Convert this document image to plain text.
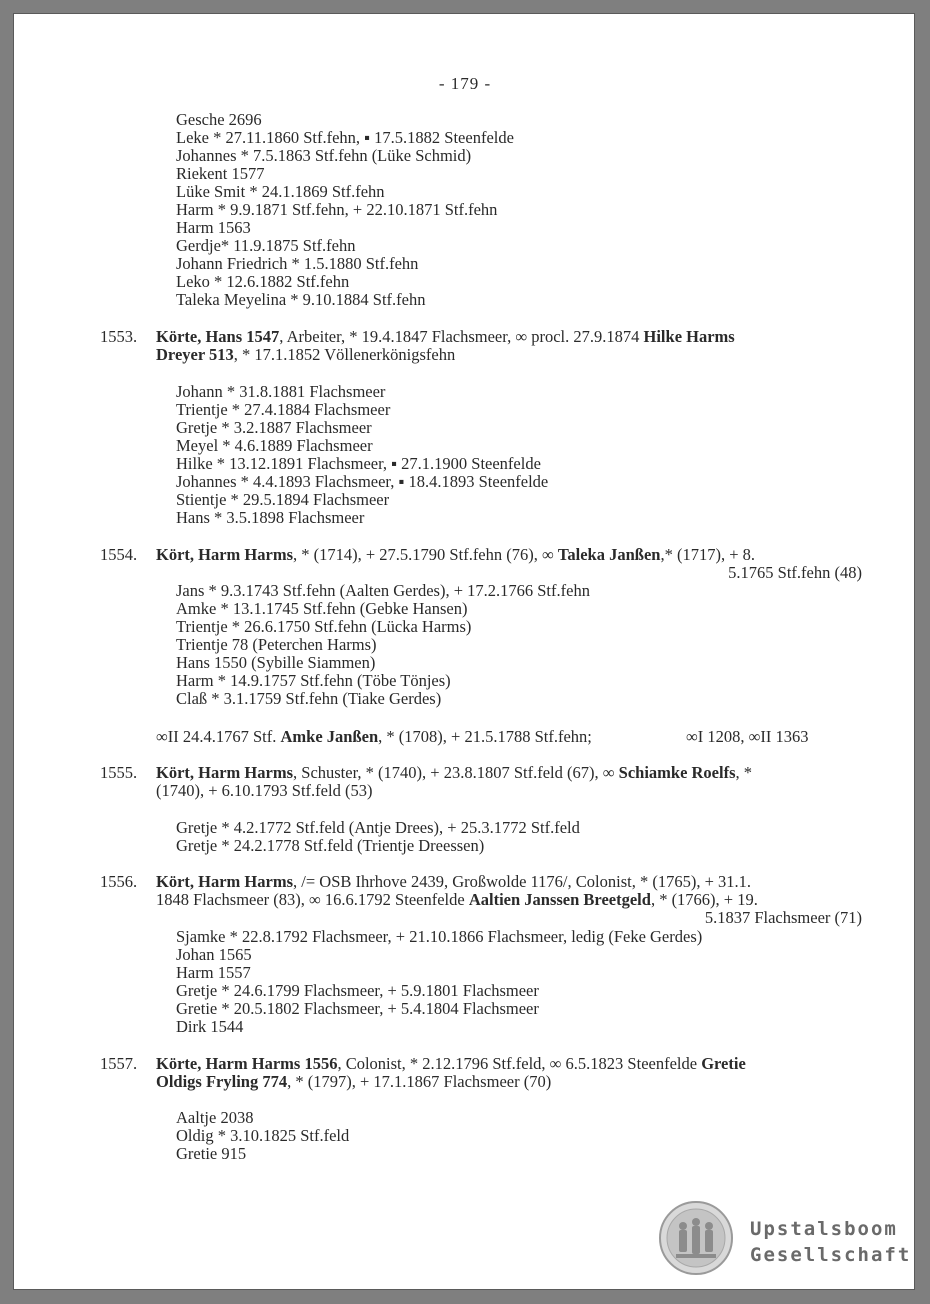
- 179 -
Gesche 2696
Leke * 27.11.1860 Stf.fehn, ▪ 17.5.1882 Steenfelde
Johannes * 7.5.1863 Stf.fehn (Lüke Schmid)
Riekent 1577
Lüke Smit * 24.1.1869 Stf.fehn
Harm * 9.9.1871 Stf.fehn, + 22.10.1871 Stf.fehn
Harm 1563
Gerdje* 11.9.1875 Stf.fehn
Johann Friedrich * 1.5.1880 Stf.fehn
Leko * 12.6.1882 Stf.fehn
Taleka Meyelina * 9.10.1884 Stf.fehn
1553. Körte, Hans 1547, Arbeiter, * 19.4.1847 Flachsmeer, ∞ procl. 27.9.1874 Hilke Harms
Dreyer 513, * 17.1.1852 Völlenerkönigsfehn
Johann * 31.8.1881 Flachsmeer
Trientje * 27.4.1884 Flachsmeer
Gretje * 3.2.1887 Flachsmeer
Meyel * 4.6.1889 Flachsmeer
Hilke * 13.12.1891 Flachsmeer, ▪ 27.1.1900 Steenfelde
Johannes * 4.4.1893 Flachsmeer, ▪ 18.4.1893 Steenfelde
Stientje * 29.5.1894 Flachsmeer
Hans * 3.5.1898 Flachsmeer
1554. Kört, Harm Harms, * (1714), + 27.5.1790 Stf.fehn (76), ∞ Taleka Janßen,* (1717), + 8.
5.1765 Stf.fehn (48)
Jans * 9.3.1743 Stf.fehn (Aalten Gerdes), + 17.2.1766 Stf.fehn
Amke * 13.1.1745 Stf.fehn (Gebke Hansen)
Trientje * 26.6.1750 Stf.fehn (Lücka Harms)
Trientje 78 (Peterchen Harms)
Hans 1550 (Sybille Siammen)
Harm * 14.9.1757 Stf.fehn (Töbe Tönjes)
Claß * 3.1.1759 Stf.fehn (Tiake Gerdes)
∞II 24.4.1767 Stf. Amke Janßen, * (1708), + 21.5.1788 Stf.fehn;	∞I 1208, ∞II 1363
1555. Kört, Harm Harms, Schuster, * (1740), + 23.8.1807 Stf.feld (67), ∞ Schiamke Roelfs, *
(1740), + 6.10.1793 Stf.feld (53)
Gretje * 4.2.1772 Stf.feld (Antje Drees), + 25.3.1772 Stf.feld
Gretje * 24.2.1778 Stf.feld (Trientje Dreessen)
1556. Kört, Harm Harms, /= OSB Ihrhove 2439, Großwolde 1176/, Colonist, * (1765), + 31.1.
1848 Flachsmeer (83), ∞ 16.6.1792 Steenfelde Aaltien Janssen Breetgeld, * (1766), + 19.
5.1837 Flachsmeer (71)
Sjamke * 22.8.1792 Flachsmeer, + 21.10.1866 Flachsmeer, ledig (Feke Gerdes)
Johan 1565
Harm 1557
Gretje * 24.6.1799 Flachsmeer, + 5.9.1801 Flachsmeer
Gretie * 20.5.1802 Flachsmeer, + 5.4.1804 Flachsmeer
Dirk 1544
1557. Körte, Harm Harms 1556, Colonist, * 2.12.1796 Stf.feld, ∞ 6.5.1823 Steenfelde Gretie
Oldigs Fryling 774, * (1797), + 17.1.1867 Flachsmeer (70)
Aaltje 2038
Oldig * 3.10.1825 Stf.feld
Gretie 915
Upstalsboom
Gesellschaft
